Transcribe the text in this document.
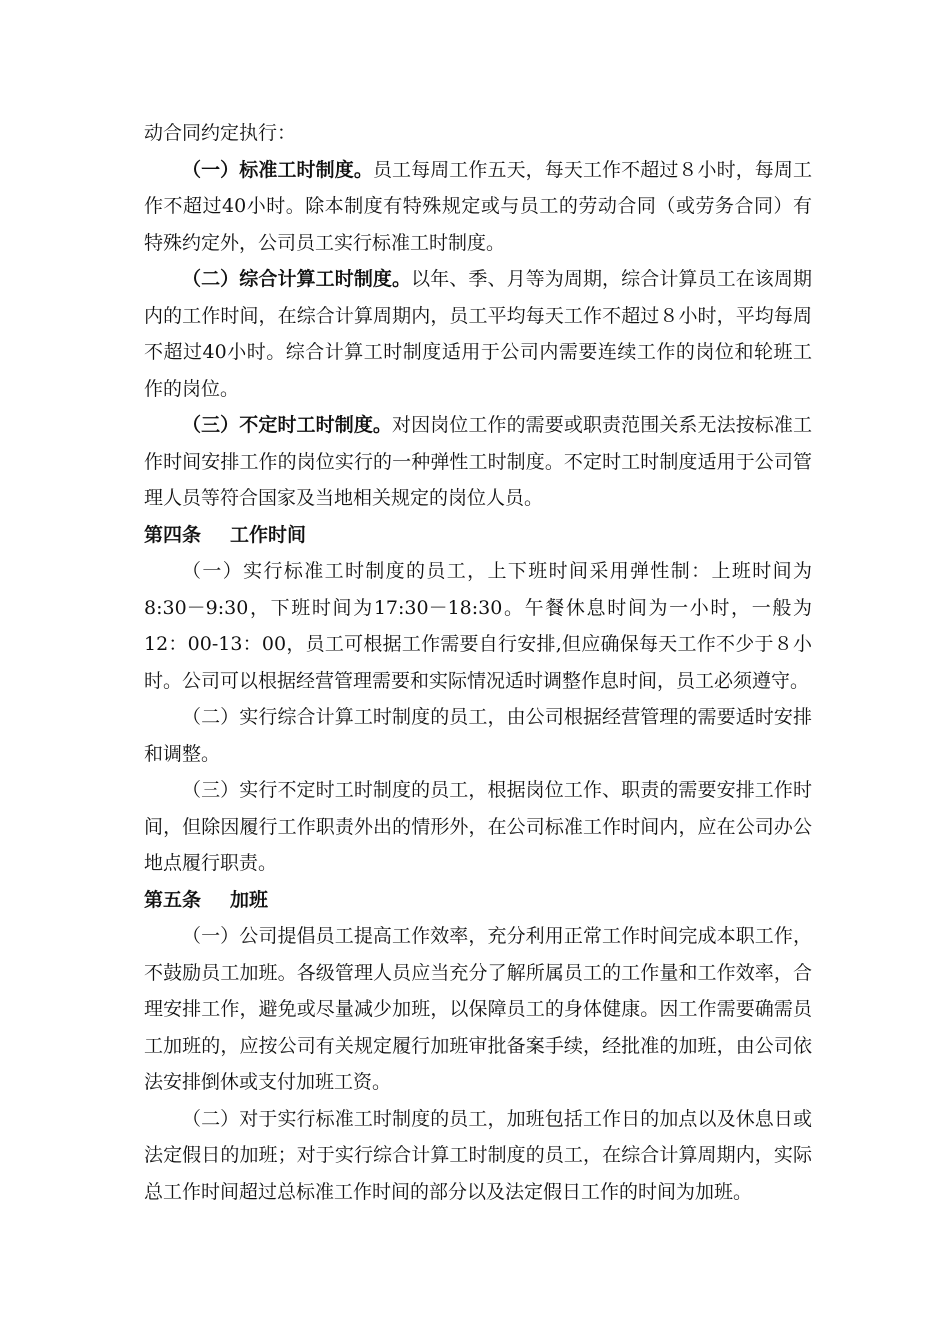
动合同约定执行：

（一）标准工时制度。员工每周工作五天，每天工作不超过８小时，每周工作不超过40小时。除本制度有特殊规定或与员工的劳动合同（或劳务合同）有特殊约定外，公司员工实行标准工时制度。

（二）综合计算工时制度。以年、季、月等为周期，综合计算员工在该周期内的工作时间，在综合计算周期内，员工平均每天工作不超过８小时，平均每周不超过40小时。综合计算工时制度适用于公司内需要连续工作的岗位和轮班工作的岗位。

（三）不定时工时制度。对因岗位工作的需要或职责范围关系无法按标准工作时间安排工作的岗位实行的一种弹性工时制度。不定时工时制度适用于公司管理人员等符合国家及当地相关规定的岗位人员。

第四条 工作时间

（一）实行标准工时制度的员工，上下班时间采用弹性制：上班时间为8:30－9:30，下班时间为17:30－18:30。午餐休息时间为一小时，一般为12：00-13：00，员工可根据工作需要自行安排,但应确保每天工作不少于８小时。公司可以根据经营管理需要和实际情况适时调整作息时间，员工必须遵守。

（二）实行综合计算工时制度的员工，由公司根据经营管理的需要适时安排和调整。

（三）实行不定时工时制度的员工，根据岗位工作、职责的需要安排工作时间，但除因履行工作职责外出的情形外，在公司标准工作时间内，应在公司办公地点履行职责。

第五条 加班

（一）公司提倡员工提高工作效率，充分利用正常工作时间完成本职工作，不鼓励员工加班。各级管理人员应当充分了解所属员工的工作量和工作效率，合理安排工作，避免或尽量减少加班，以保障员工的身体健康。因工作需要确需员工加班的，应按公司有关规定履行加班审批备案手续，经批准的加班，由公司依法安排倒休或支付加班工资。

（二）对于实行标准工时制度的员工，加班包括工作日的加点以及休息日或法定假日的加班；对于实行综合计算工时制度的员工，在综合计算周期内，实际总工作时间超过总标准工作时间的部分以及法定假日工作的时间为加班。
